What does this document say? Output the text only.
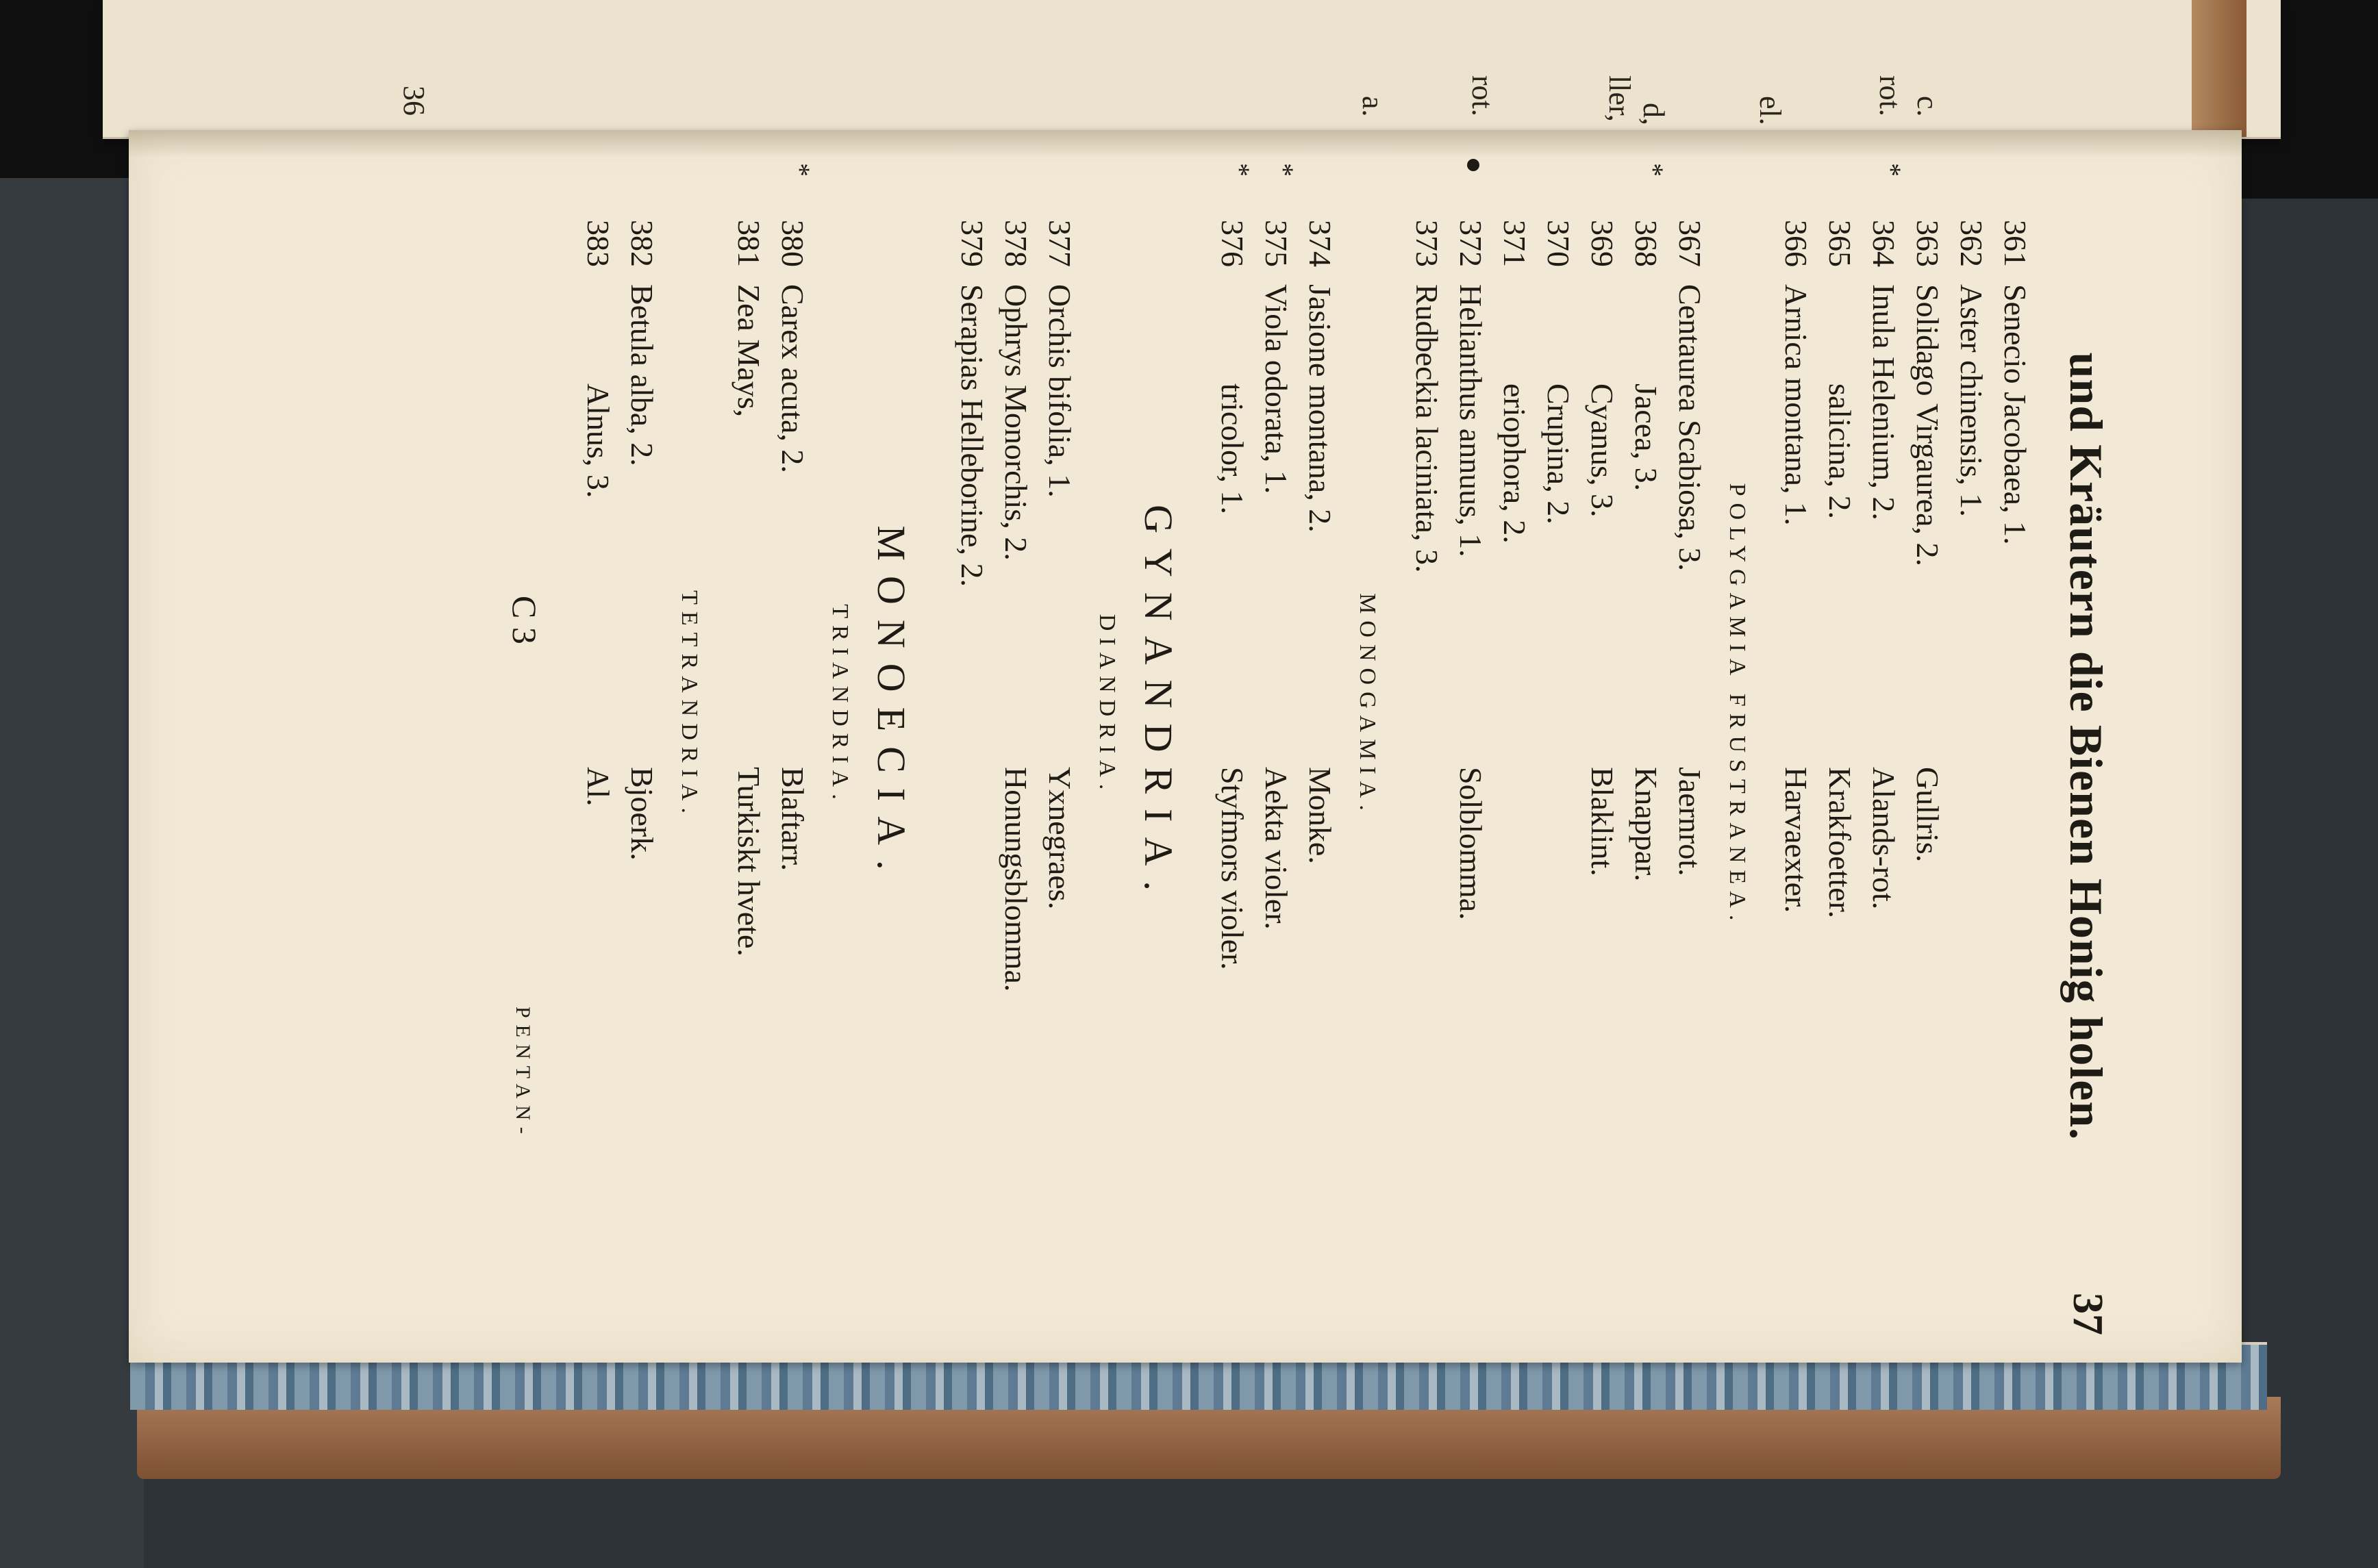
c.
rot.
el.
d,
ller,
a.	rot.
36
und Kräutern die Bienen Honig holen.
37
361
Senecio Jacobaea, 1.
362
Aster chinensis, 1.
363
Solidago Virgaurea, 2.
Gullris.
*
364
Inula Helenium, 2.
Alands-rot.
365
salicina, 2.
Krakfoetter.
366
Arnica montana, 1.
Harvaexter.
POLYGAMIA FRUSTRANEA.
367
Centaurea Scabiosa, 3.
Jaernrot.
*
368
Jacea, 3.
Knappar.
369
Cyanus, 3.
Blaklint.
370
Crupina, 2.
371
eriophora, 2.
372
Helianthus annuus, 1.
Solblomma.
373
Rudbeckia laciniata, 3.
MONOGAMIA.
374
Jasione montana, 2.
Monke.
*
375
Viola odorata, 1.
Aekta violer.
*
376
tricolor, 1.
Styfmors violer.
GYNANDRIA.
DIANDRIA.
377
Orchis bifolia, 1.
Yxnegraes.
378
Ophrys Monorchis, 2.
Honungsblomma.
379
Serapias Helleborine, 2.
MONOECIA.
TRIANDRIA.
*
380
Carex acuta, 2.
Blaftarr.
381
Zea Mays,
Turkiskt hvete.
TETRANDRIA.
382
Betula alba, 2.
Bjoerk.
383
Alnus, 3.
Al.
C 3
PENTAN-
